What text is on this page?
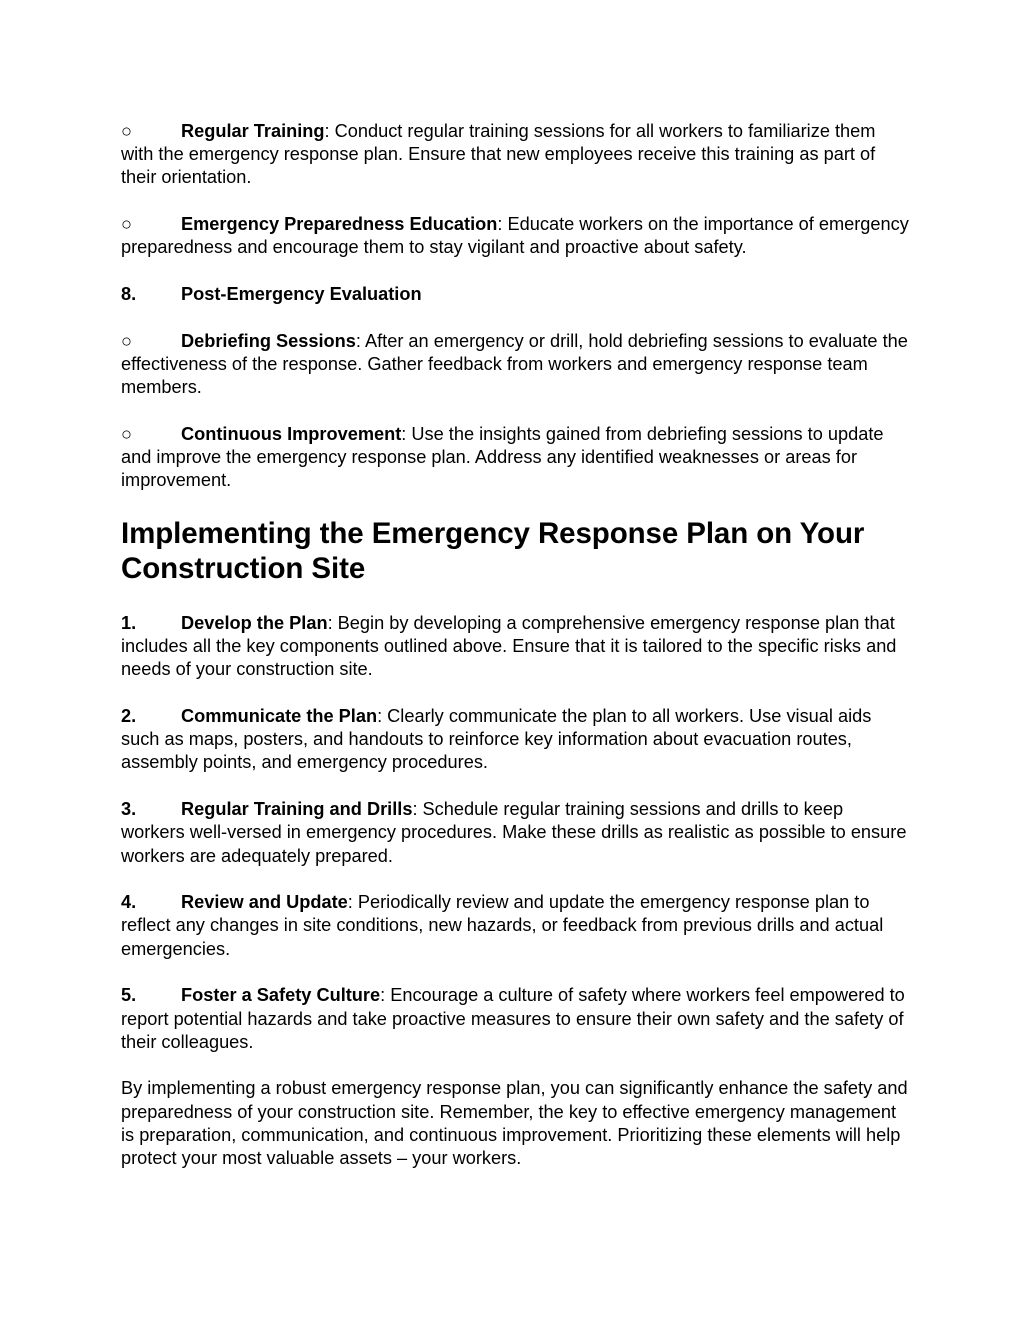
○	Regular Training: Conduct regular training sessions for all workers to familiarize them with the emergency response plan. Ensure that new employees receive this training as part of their orientation.

○	Emergency Preparedness Education: Educate workers on the importance of emergency preparedness and encourage them to stay vigilant and proactive about safety.

8. Post-Emergency Evaluation

○	Debriefing Sessions: After an emergency or drill, hold debriefing sessions to evaluate the effectiveness of the response. Gather feedback from workers and emergency response team members.

○	Continuous Improvement: Use the insights gained from debriefing sessions to update and improve the emergency response plan. Address any identified weaknesses or areas for improvement.

Implementing the Emergency Response Plan on Your Construction Site

1. Develop the Plan: Begin by developing a comprehensive emergency response plan that includes all the key components outlined above. Ensure that it is tailored to the specific risks and needs of your construction site.

2. Communicate the Plan: Clearly communicate the plan to all workers. Use visual aids such as maps, posters, and handouts to reinforce key information about evacuation routes, assembly points, and emergency procedures.

3. Regular Training and Drills: Schedule regular training sessions and drills to keep workers well-versed in emergency procedures. Make these drills as realistic as possible to ensure workers are adequately prepared.

4. Review and Update: Periodically review and update the emergency response plan to reflect any changes in site conditions, new hazards, or feedback from previous drills and actual emergencies.

5. Foster a Safety Culture: Encourage a culture of safety where workers feel empowered to report potential hazards and take proactive measures to ensure their own safety and the safety of their colleagues.

By implementing a robust emergency response plan, you can significantly enhance the safety and preparedness of your construction site. Remember, the key to effective emergency management is preparation, communication, and continuous improvement. Prioritizing these elements will help protect your most valuable assets – your workers.
